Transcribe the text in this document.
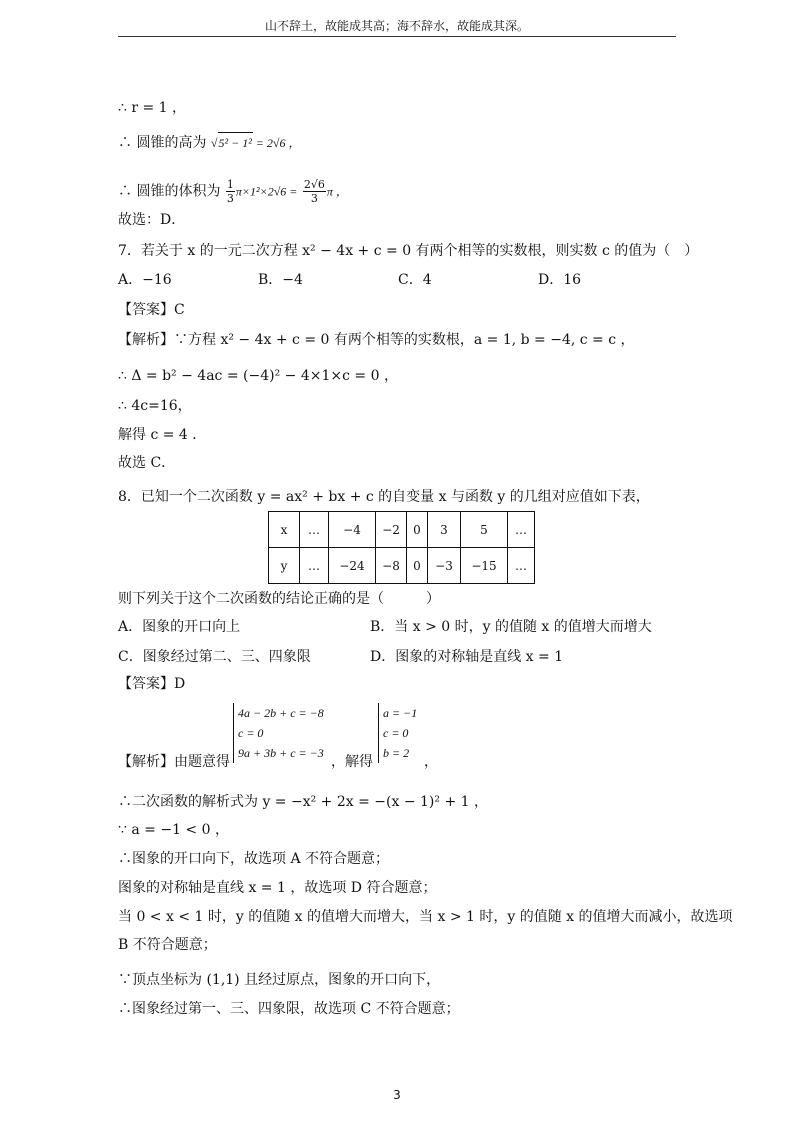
山不辞土，故能成其高；海不辞水，故能成其深。
∴ r = 1 ，
∴ 圆锥的高为 √5² − 1² = 2√6 ，
∴ 圆锥的体积为 $\frac{1}{3} \pi\times 1^2\times 2√6 = \frac{2√6}{3}$ π ，
故选：D．
7．若关于 x 的一元二次方程 x² − 4x + c = 0 有两个相等的实数根，则实数 c 的值为（　）
A．−16	B．−4	C．4	D．16
【答案】C
【解析】∵方程 x² − 4x + c = 0 有两个相等的实数根，a = 1, b = −4, c = c ，
∴ Δ = b² − 4ac = (−4)² − 4×1×c = 0 ，
∴ 4c=16，
解得 c = 4 ．
故选 C．
8．已知一个二次函数 y = ax² + bx + c 的自变量 x 与函数 y 的几组对应值如下表，
x	…	−4	−2	0	3	5	…
y	…	−24	−8	0	−3	−15	…
则下列关于这个二次函数的结论正确的是（　　　）
A．图象的开口向上	B．当 x > 0 时，y 的值随 x 的值增大而增大
C．图象经过第二、三、四象限	D．图象的对称轴是直线 x = 1
【答案】D
【解析】由题意得
4a − 2b + c = −8
c = 0
9a + 3b + c = −3
，解得
a = −1
c = 0
b = 2
，
∴二次函数的解析式为 y = −x² + 2x = −(x − 1)² + 1 ，
∵ a = −1 < 0 ，
∴图象的开口向下，故选项 A 不符合题意；
图象的对称轴是直线 x = 1 ，故选项 D 符合题意；
当 0 < x < 1 时，y 的值随 x 的值增大而增大，当 x > 1 时，y 的值随 x 的值增大而减小，故选项
B 不符合题意；
∵顶点坐标为 (1,1) 且经过原点，图象的开口向下，
∴图象经过第一、三、四象限，故选项 C 不符合题意；
3
